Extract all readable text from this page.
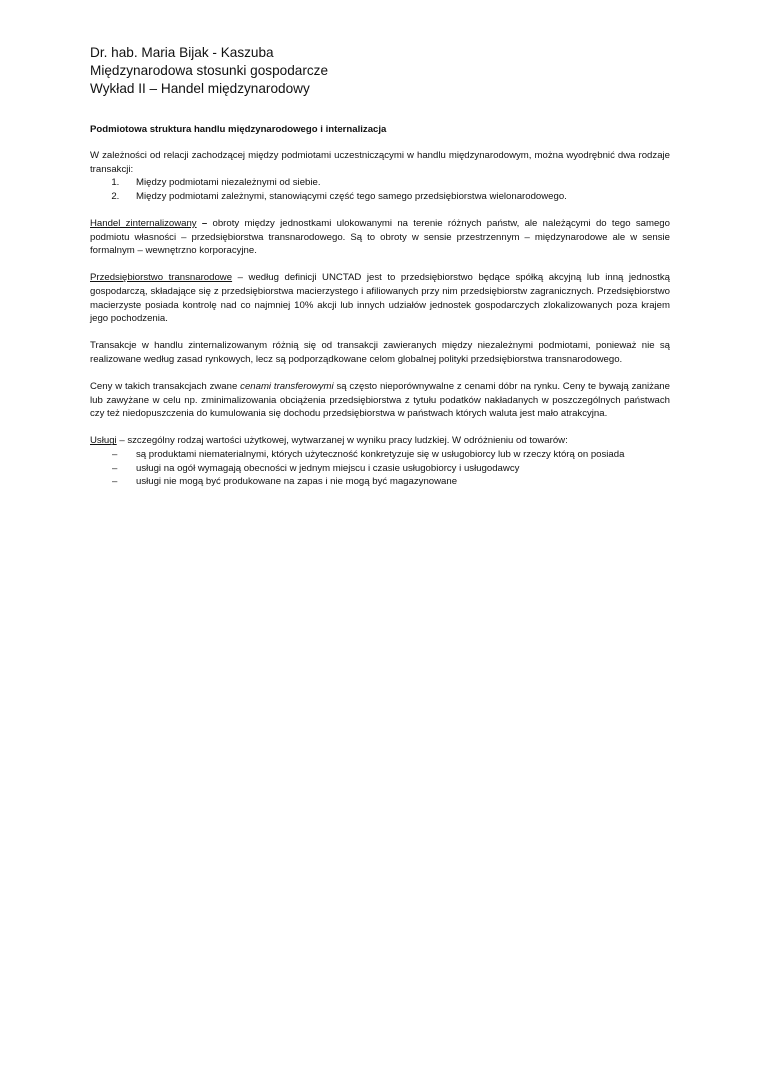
Dr. hab. Maria Bijak - Kaszuba
Międzynarodowa stosunki gospodarcze
Wykład II – Handel międzynarodowy
Podmiotowa struktura handlu międzynarodowego i internalizacja

W zależności od relacji zachodzącej między podmiotami uczestniczącymi w handlu międzynarodowym, można wyodrębnić dwa rodzaje transakcji:

1. Między podmiotami niezależnymi od siebie.
2. Między podmiotami zależnymi, stanowiącymi część tego samego przedsiębiorstwa wielonarodowego.

Handel zinternalizowany – obroty między jednostkami ulokowanymi na terenie różnych państw, ale należącymi do tego samego podmiotu własności – przedsiębiorstwa transnarodowego. Są to obroty w sensie przestrzennym – międzynarodowe ale w sensie formalnym – wewnętrzno korporacyjne.

Przedsiębiorstwo transnarodowe – według definicji UNCTAD jest to przedsiębiorstwo będące spółką akcyjną lub inną jednostką gospodarczą, składające się z przedsiębiorstwa macierzystego i afiliowanych przy nim przedsiębiorstw zagranicznych. Przedsiębiorstwo macierzyste posiada kontrolę nad co najmniej 10% akcji lub innych udziałów jednostek gospodarczych zlokalizowanych poza krajem jego pochodzenia.

Transakcje w handlu zinternalizowanym różnią się od transakcji zawieranych między niezależnymi podmiotami, ponieważ nie są realizowane według zasad rynkowych, lecz są podporządkowane celom globalnej polityki przedsiębiorstwa transnarodowego.

Ceny w takich transakcjach zwane cenami transferowymi są często nieporównywalne z cenami dóbr na rynku. Ceny te bywają zaniżane lub zawyżane w celu np. zminimalizowania obciążenia przedsiębiorstwa z tytułu podatków nakładanych w poszczególnych państwach czy też niedopuszczenia do kumulowania się dochodu przedsiębiorstwa w państwach których waluta jest mało atrakcyjna.

Usługi – szczególny rodzaj wartości użytkowej, wytwarzanej w wyniku pracy ludzkiej. W odróżnieniu od towarów:

– są produktami niematerialnymi, których użyteczność konkretyzuje się w usługobiorcy lub w rzeczy którą on posiada
– usługi na ogół wymagają obecności w jednym miejscu i czasie usługobiorcy i usługodawcy
– usługi nie mogą być produkowane na zapas i nie mogą być magazynowane
